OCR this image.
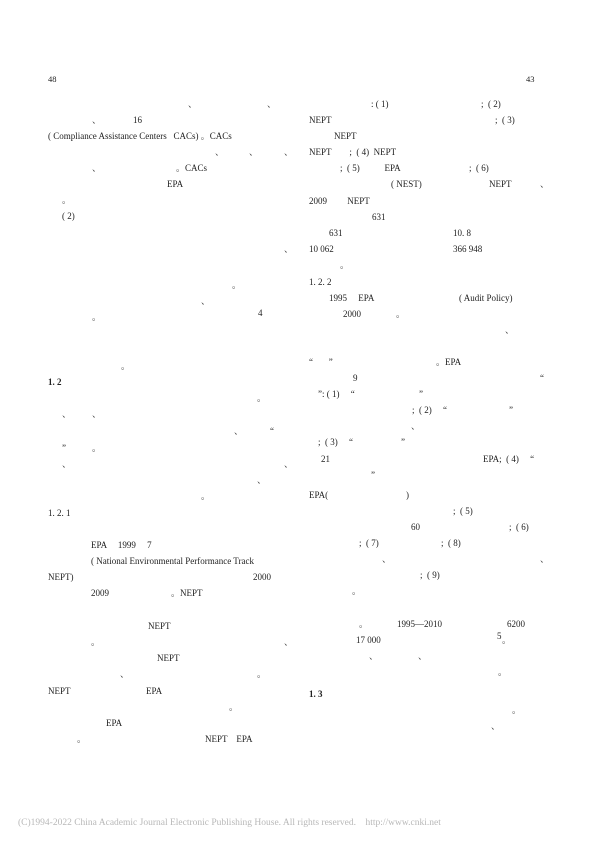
48	43
、	、
、	16
( Compliance Assistance Centers   CACs) 。CACs
、	、	、
、	。CACs
EPA
。
( 2)
、
。
、
。	4
。
1. 2
。
、 、
、	“
”	。
、	、
、
。
1. 2. 1
EPA     1999     7
( National Environmental Performance Track
NEPT)	2000
2009	。NEPT
NEPT
。	、
NEPT
、	。
NEPT	EPA
。
EPA
。	NEPT    EPA
: ( 1)	;  ( 2)
NEPT	;  ( 3)
NEPT
NEPT        ;  ( 4)  NEPT
;  ( 5)           EPA	;  ( 6)
( NEST)	NEPT	、
2009         NEPT
631
631	10. 8
10 062	366 948
。
1. 2. 2
1995     EPA	( Audit Policy)
2000	。
、
“       ”	。EPA
9	“
”: ( 1)     “	”
;  ( 2)     “	”
、
;  ( 3)     “	”
21	EPA;  ( 4)     “
”
EPA(	)
;  ( 5)
60	;  ( 6)
;  ( 7)	;  ( 8)
、	、
;  ( 9)
。
。	1995—2010	6200
17 000	5 。
、	、
。
1. 3
。
、
(C)1994-2022 China Academic Journal Electronic Publishing House. All rights reserved.    http://www.cnki.net
